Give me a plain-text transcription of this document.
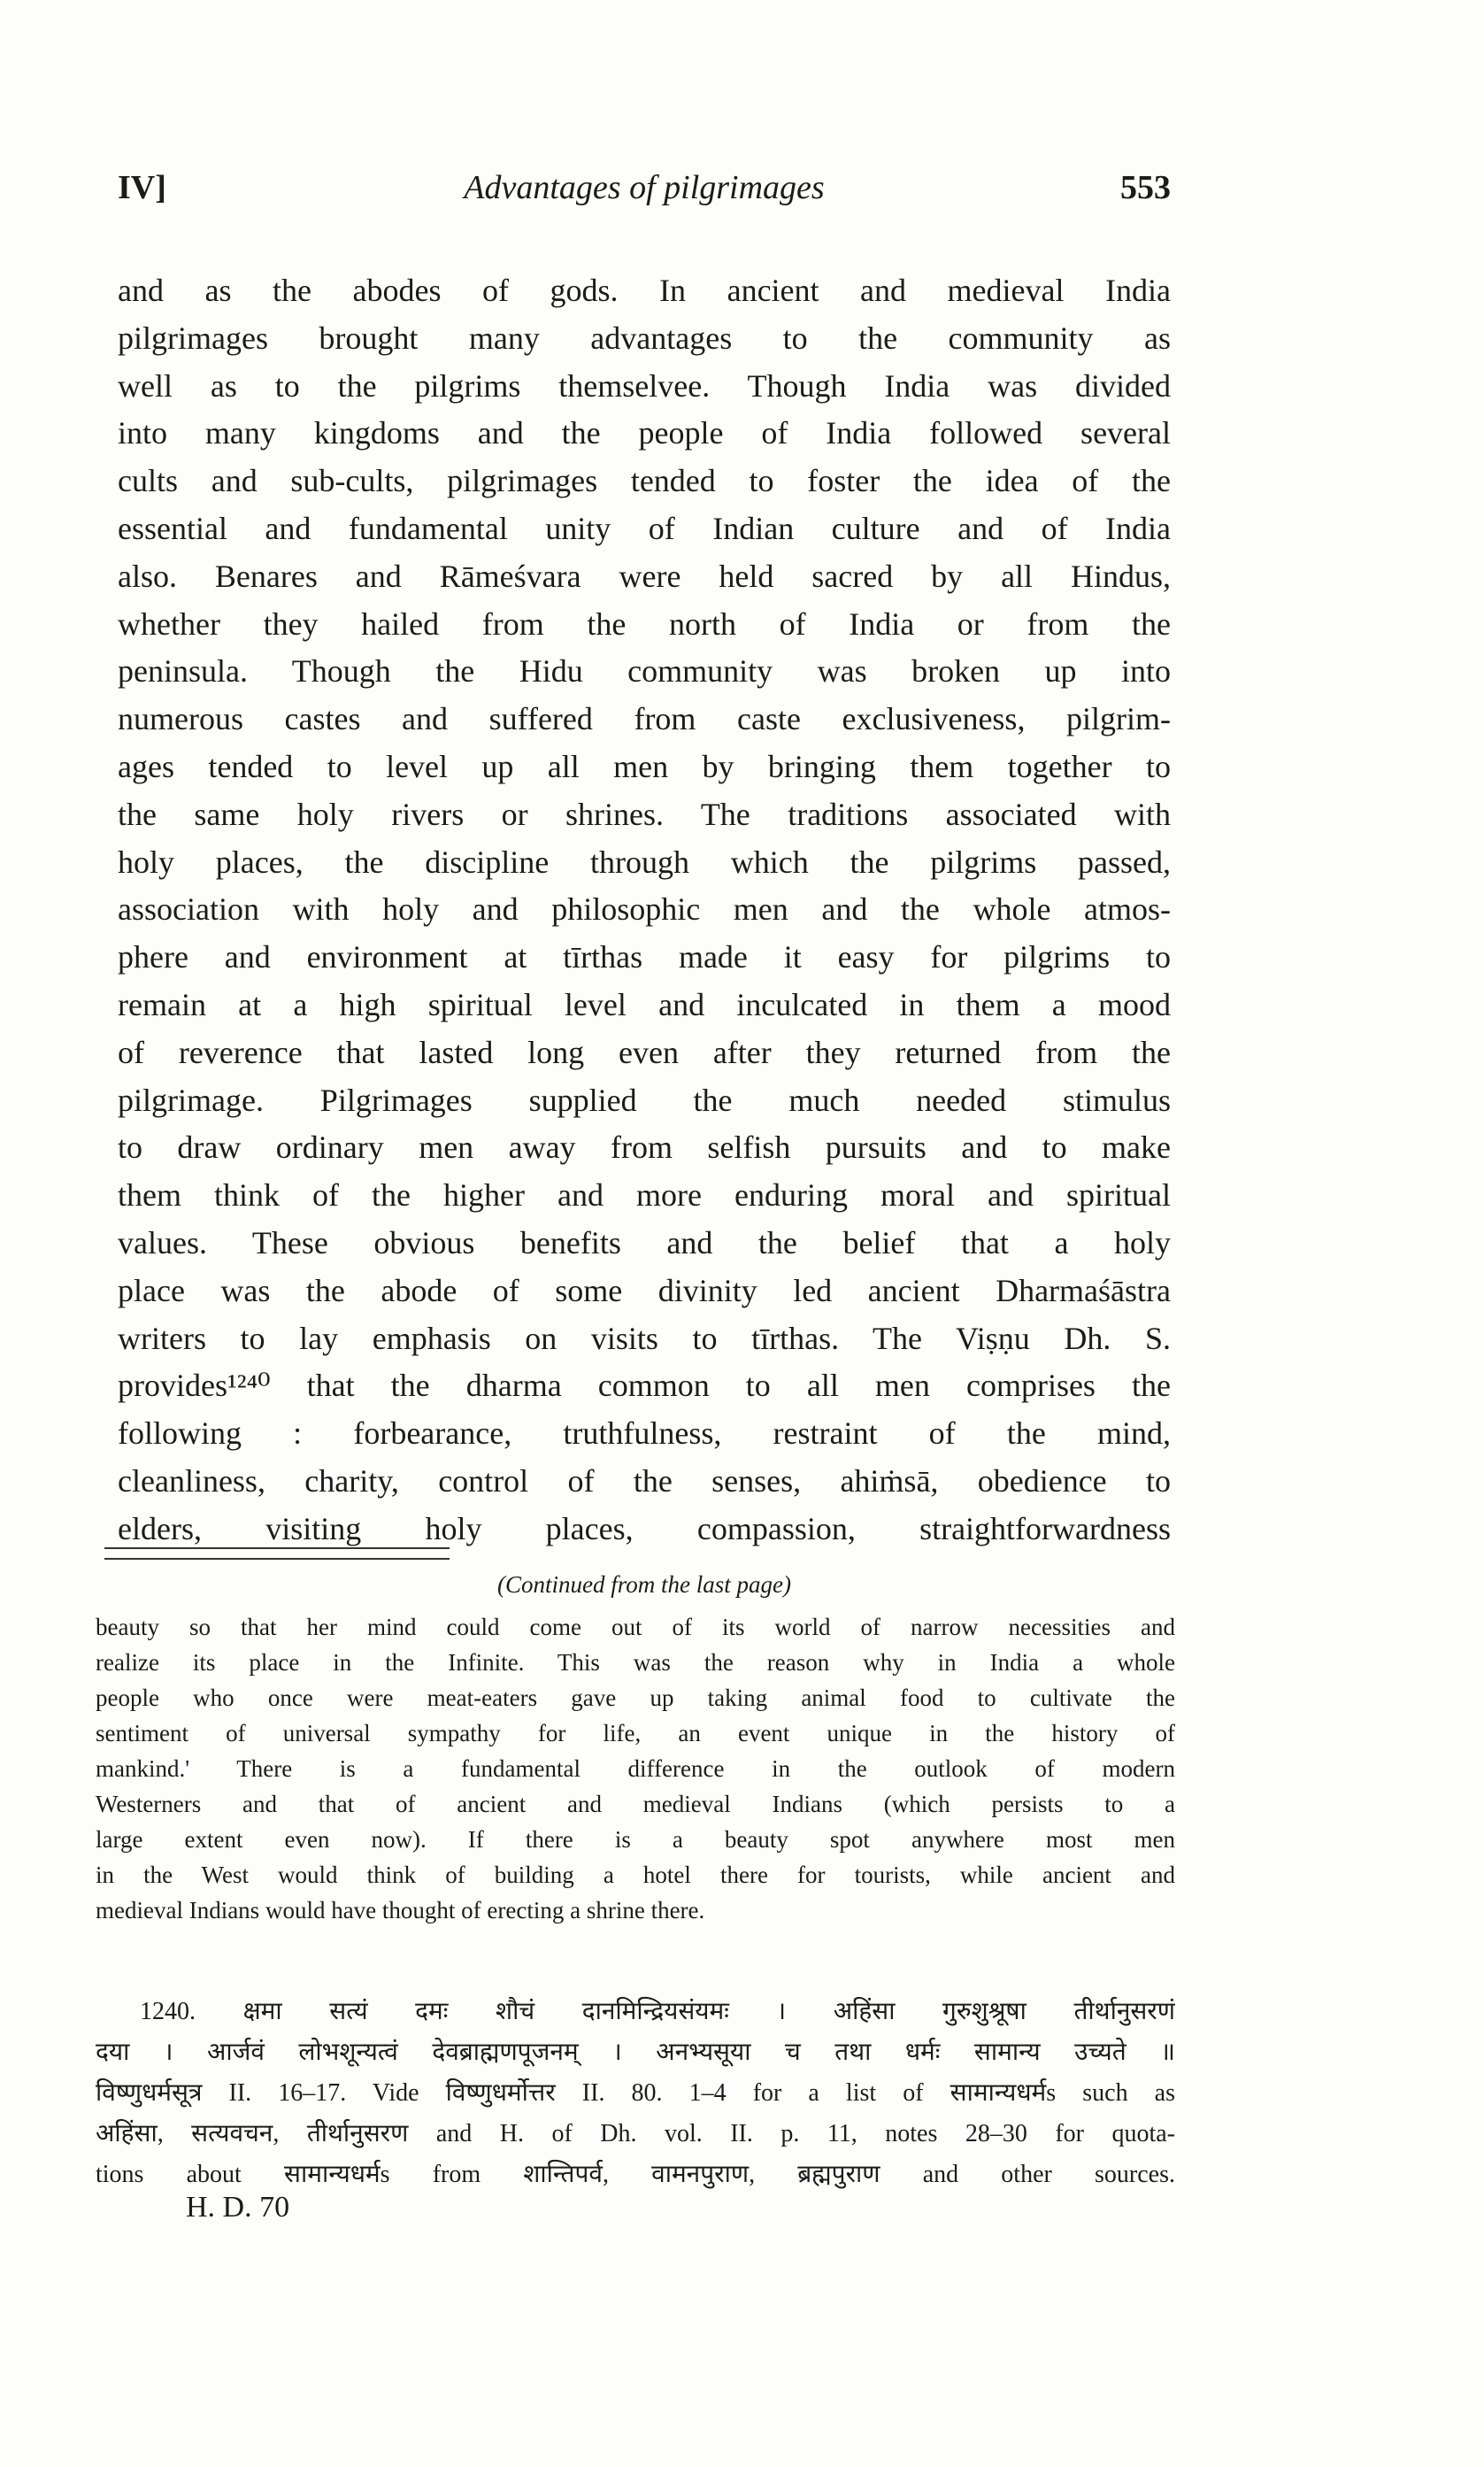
IV]	Advantages of pilgrimages	553
and as the abodes of gods. In ancient and medieval India
pilgrimages brought many advantages to the community as
well as to the pilgrims themselvee. Though India was divided
into many kingdoms and the people of India followed several
cults and sub-cults, pilgrimages tended to foster the idea of the
essential and fundamental unity of Indian culture and of India
also. Benares and Rāmeśvara were held sacred by all Hindus,
whether they hailed from the north of India or from the
peninsula. Though the Hidu community was broken up into
numerous castes and suffered from caste exclusiveness, pilgrim-
ages tended to level up all men by bringing them together to
the same holy rivers or shrines. The traditions associated with
holy places, the discipline through which the pilgrims passed,
association with holy and philosophic men and the whole atmos-
phere and environment at tīrthas made it easy for pilgrims to
remain at a high spiritual level and inculcated in them a mood
of reverence that lasted long even after they returned from the
pilgrimage. Pilgrimages supplied the much needed stimulus
to draw ordinary men away from selfish pursuits and to make
them think of the higher and more enduring moral and spiritual
values. These obvious benefits and the belief that a holy
place was the abode of some divinity led ancient Dharmaśāstra
writers to lay emphasis on visits to tīrthas. The Viṣṇu Dh. S.
provides¹²⁴⁰ that the dharma common to all men comprises the
following : forbearance, truthfulness, restraint of the mind,
cleanliness, charity, control of the senses, ahiṁsā, obedience to
elders, visiting holy places, compassion, straightforwardness
(Continued from the last page)
beauty so that her mind could come out of its world of narrow necessities and
realize its place in the Infinite. This was the reason why in India a whole
people who once were meat-eaters gave up taking animal food to cultivate the
sentiment of universal sympathy for life, an event unique in the history of
mankind.' There is a fundamental difference in the outlook of modern
Westerners and that of ancient and medieval Indians (which persists to a
large extent even now). If there is a beauty spot anywhere most men
in the West would think of building a hotel there for tourists, while ancient and
medieval Indians would have thought of erecting a shrine there.
1240. क्षमा सत्यं दमः शौचं दानमिन्द्रियसंयमः । अहिंसा गुरुशुश्रूषा तीर्थानुसरणं
दया । आर्जवं लोभशून्यत्वं देवब्राह्मणपूजनम् । अनभ्यसूया च तथा धर्मः सामान्य उच्यते ॥
विष्णुधर्मसूत्र II. 16–17. Vide विष्णुधर्मोत्तर II. 80. 1–4 for a list of सामान्यधर्मs such as
अहिंसा, सत्यवचन, तीर्थानुसरण and H. of Dh. vol. II. p. 11, notes 28–30 for quota-
tions about सामान्यधर्मs from शान्तिपर्व, वामनपुराण, ब्रह्मपुराण and other sources.
H. D. 70
